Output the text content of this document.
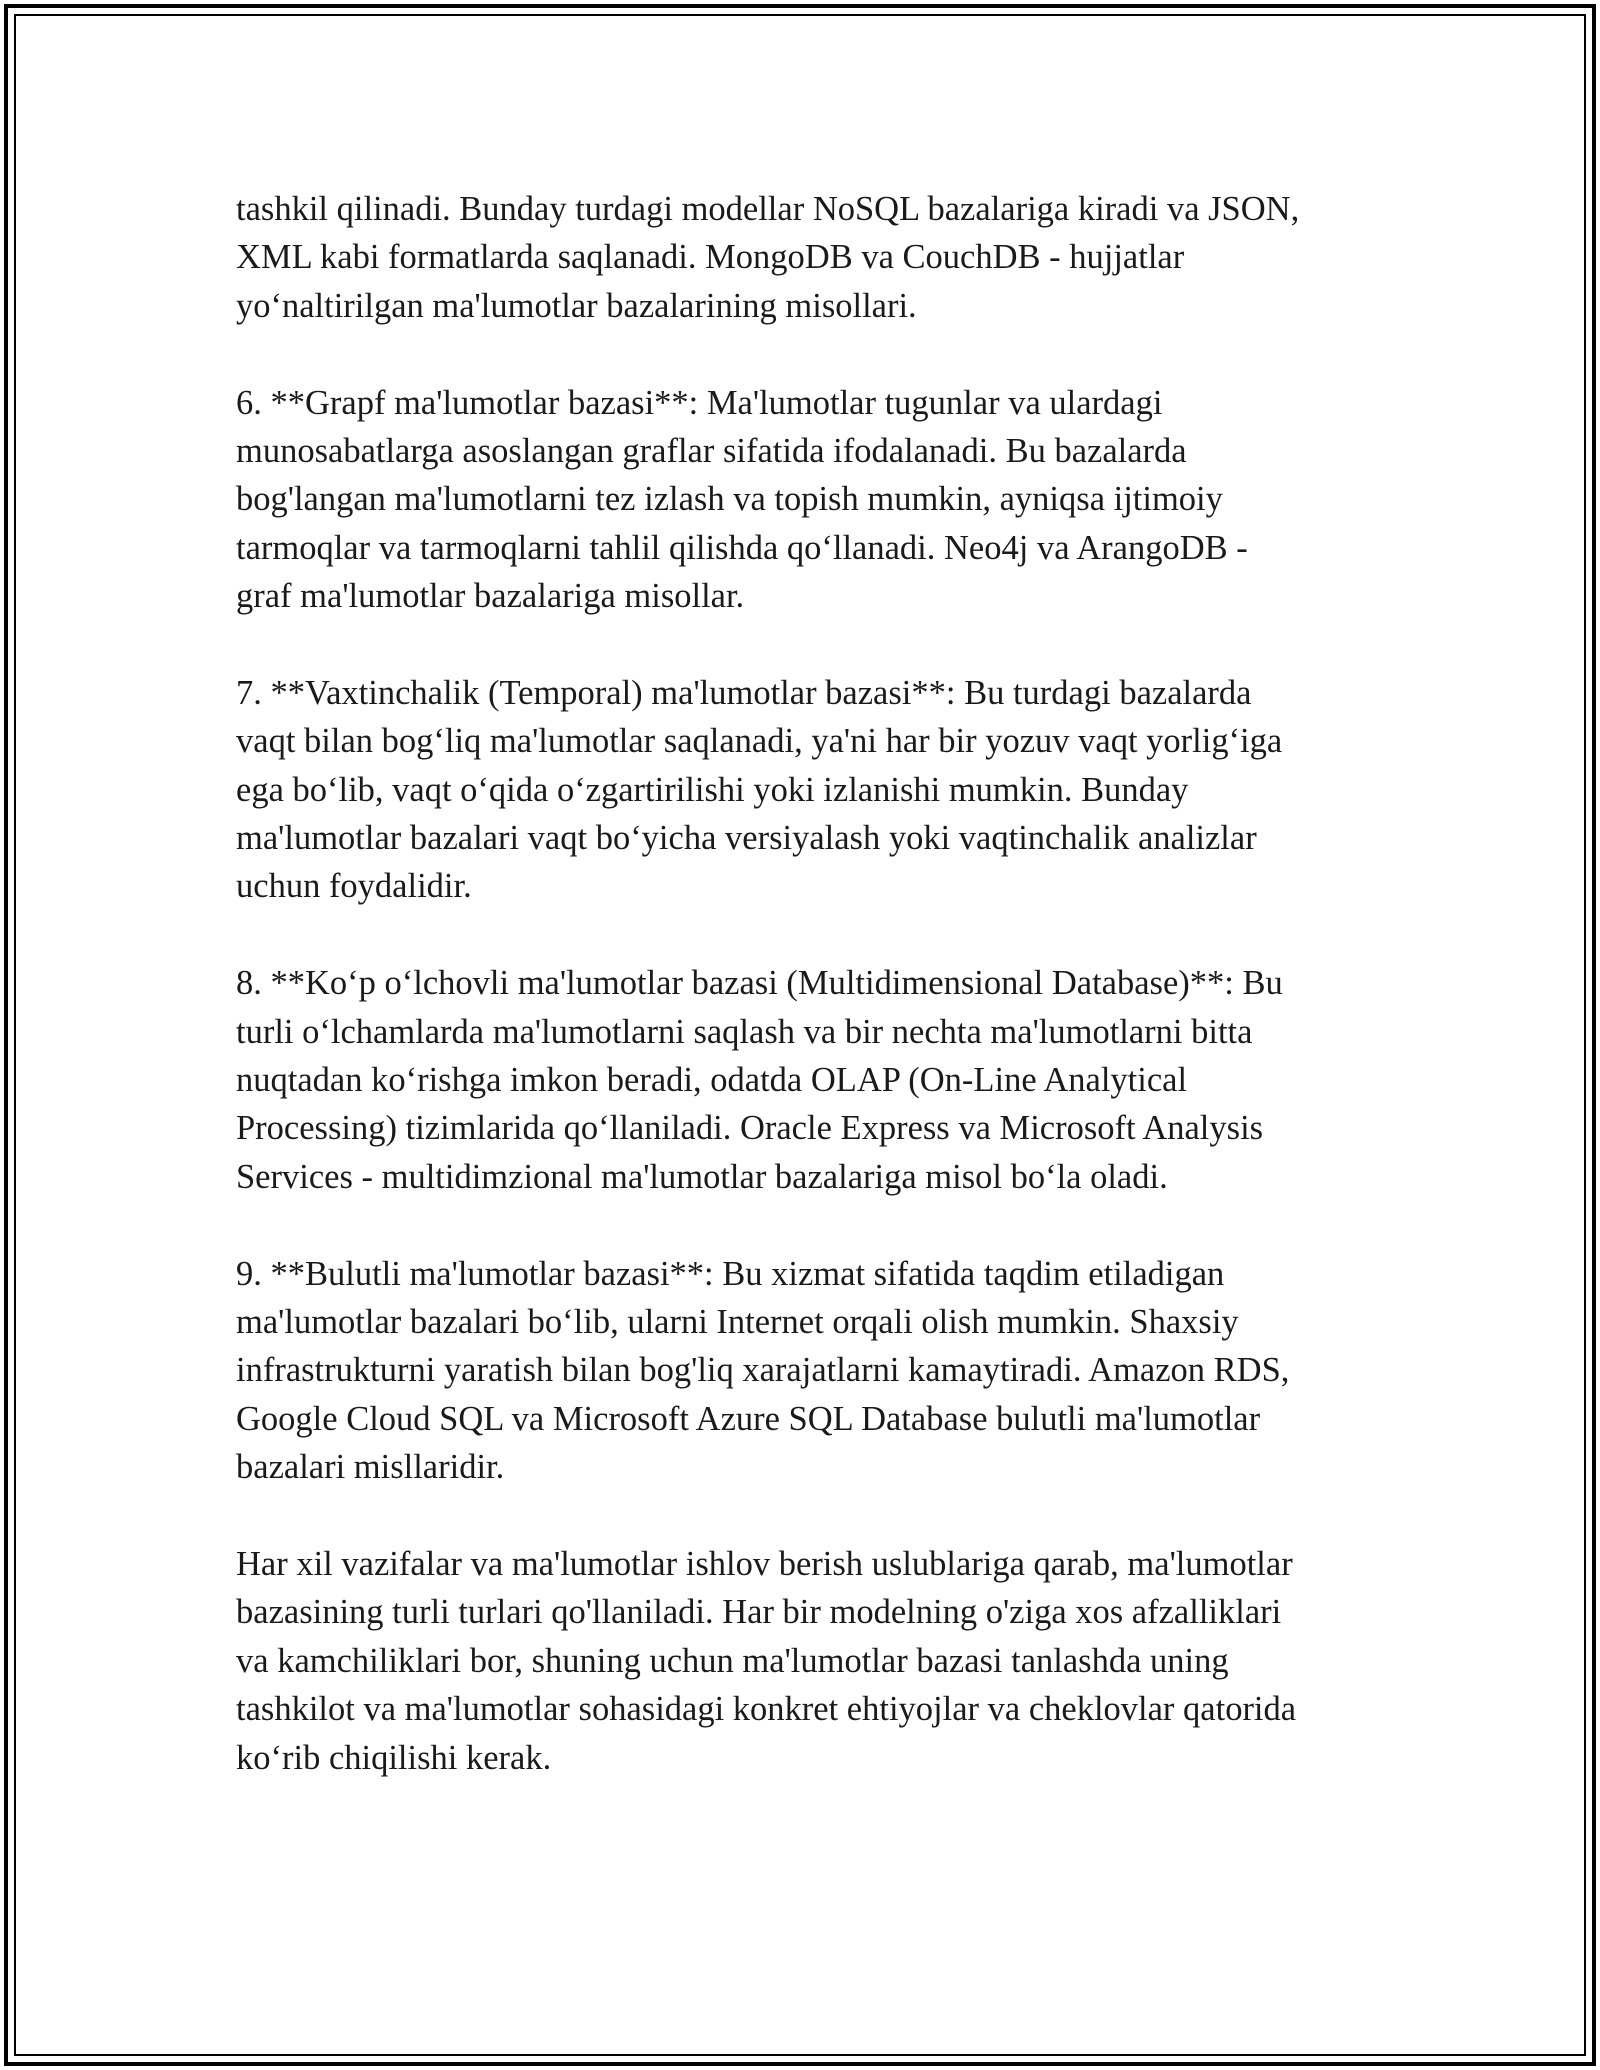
tashkil qilinadi. Bunday turdagi modellar NoSQL bazalariga kiradi va JSON,
XML kabi formatlarda saqlanadi. MongoDB va CouchDB - hujjatlar
yo‘naltirilgan ma'lumotlar bazalarining misollari.

6. **Grapf ma'lumotlar bazasi**: Ma'lumotlar tugunlar va ulardagi
munosabatlarga asoslangan graflar sifatida ifodalanadi. Bu bazalarda
bog'langan ma'lumotlarni tez izlash va topish mumkin, ayniqsa ijtimoiy
tarmoqlar va tarmoqlarni tahlil qilishda qo‘llanadi. Neo4j va ArangoDB -
graf ma'lumotlar bazalariga misollar.

7. **Vaxtinchalik (Temporal) ma'lumotlar bazasi**: Bu turdagi bazalarda
vaqt bilan bog‘liq ma'lumotlar saqlanadi, ya'ni har bir yozuv vaqt yorlig‘iga
ega bo‘lib, vaqt o‘qida o‘zgartirilishi yoki izlanishi mumkin. Bunday
ma'lumotlar bazalari vaqt bo‘yicha versiyalash yoki vaqtinchalik analizlar
uchun foydalidir.

8. **Ko‘p o‘lchovli ma'lumotlar bazasi (Multidimensional Database)**: Bu
turli o‘lchamlarda ma'lumotlarni saqlash va bir nechta ma'lumotlarni bitta
nuqtadan ko‘rishga imkon beradi, odatda OLAP (On-Line Analytical
Processing) tizimlarida qo‘llaniladi. Oracle Express va Microsoft Analysis
Services - multidimzional ma'lumotlar bazalariga misol bo‘la oladi.

9. **Bulutli ma'lumotlar bazasi**: Bu xizmat sifatida taqdim etiladigan
ma'lumotlar bazalari bo‘lib, ularni Internet orqali olish mumkin. Shaxsiy
infrastrukturni yaratish bilan bog'liq xarajatlarni kamaytiradi. Amazon RDS,
Google Cloud SQL va Microsoft Azure SQL Database bulutli ma'lumotlar
bazalari misllaridir.

Har xil vazifalar va ma'lumotlar ishlov berish uslublariga qarab, ma'lumotlar
bazasining turli turlari qo'llaniladi. Har bir modelning o'ziga xos afzalliklari
va kamchiliklari bor, shuning uchun ma'lumotlar bazasi tanlashda uning
tashkilot va ma'lumotlar sohasidagi konkret ehtiyojlar va cheklovlar qatorida
ko‘rib chiqilishi kerak.
